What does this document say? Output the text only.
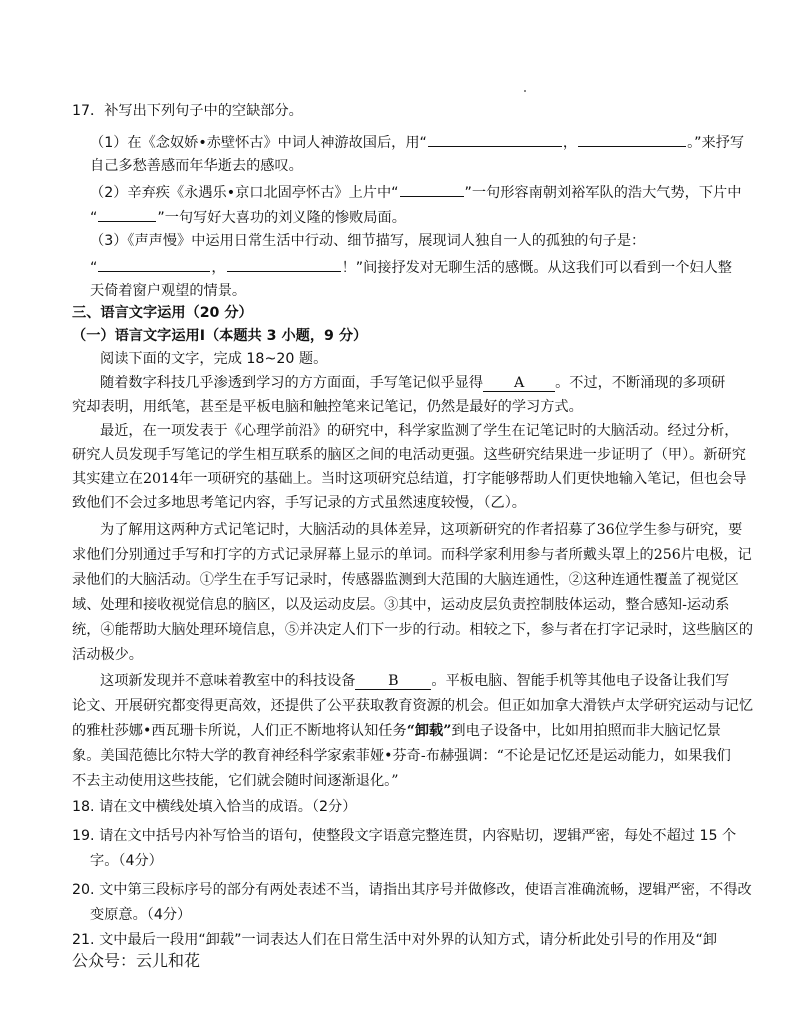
17．补写出下列句子中的空缺部分。
（1）在《念奴娇•赤壁怀古》中词人神游故国后，用“	，	。”来抒写
自己多愁善感而年华逝去的感叹。
（2）辛弃疾《永遇乐•京口北固亭怀古》上片中“	”一句形容南朝刘裕军队的浩大气势，下片中
“	”一句写好大喜功的刘义隆的惨败局面。
（3）《声声慢》中运用日常生活中行动、细节描写，展现词人独自一人的孤独的句子是：
“	，	！”间接抒发对无聊生活的感慨。从这我们可以看到一个妇人整
天倚着窗户观望的情景。
三、语言文字运用（20 分）
（一）语言文字运用Ⅰ（本题共 3 小题，9 分）
阅读下面的文字，完成 18~20 题。
随着数字科技几乎渗透到学习的方方面面，手写笔记似乎显得 A 。不过，不断涌现的多项研
究却表明，用纸笔，甚至是平板电脑和触控笔来记笔记，仍然是最好的学习方式。
最近，在一项发表于《心理学前沿》的研究中，科学家监测了学生在记笔记时的大脑活动。经过分析，
研究人员发现手写笔记的学生相互联系的脑区之间的电活动更强。这些研究结果进一步证明了（甲）。新研究
其实建立在2014年一项研究的基础上。当时这项研究总结道，打字能够帮助人们更快地输入笔记，但也会导
致他们不会过多地思考笔记内容，手写记录的方式虽然速度较慢，（乙）。
为了解用这两种方式记笔记时，大脑活动的具体差异，这项新研究的作者招募了36位学生参与研究，要
求他们分别通过手写和打字的方式记录屏幕上显示的单词。而科学家利用参与者所戴头罩上的256片电极，记
录他们的大脑活动。①学生在手写记录时，传感器监测到大范围的大脑连通性，②这种连通性覆盖了视觉区
域、处理和接收视觉信息的脑区，以及运动皮层。③其中，运动皮层负责控制肢体运动，整合感知-运动系
统，④能帮助大脑处理环境信息，⑤并决定人们下一步的行动。相较之下，参与者在打字记录时，这些脑区的
活动极少。
这项新发现并不意味着教室中的科技设备 B 。平板电脑、智能手机等其他电子设备让我们写
论文、开展研究都变得更高效，还提供了公平获取教育资源的机会。但正如加拿大滑铁卢太学研究运动与记忆
的雅杜莎娜•西瓦珊卡所说，人们正不断地将认知任务“卸载”到电子设备中，比如用拍照而非大脑记忆景
象。美国范德比尔特大学的教育神经科学家索菲娅•芬奇-布赫强调：“不论是记忆还是运动能力，如果我们
不去主动使用这些技能，它们就会随时间逐渐退化。”
18. 请在文中横线处填入恰当的成语。（2分）
19. 请在文中括号内补写恰当的语句，使整段文字语意完整连贯，内容贴切，逻辑严密，每处不超过 15 个
字。（4分）
20. 文中第三段标序号的部分有两处表述不当，请指出其序号并做修改，使语言准确流畅，逻辑严密，不得改
变原意。（4分）
21. 文中最后一段用“卸载”一词表达人们在日常生活中对外界的认知方式，请分析此处引号的作用及“卸
公众号：云儿和花
